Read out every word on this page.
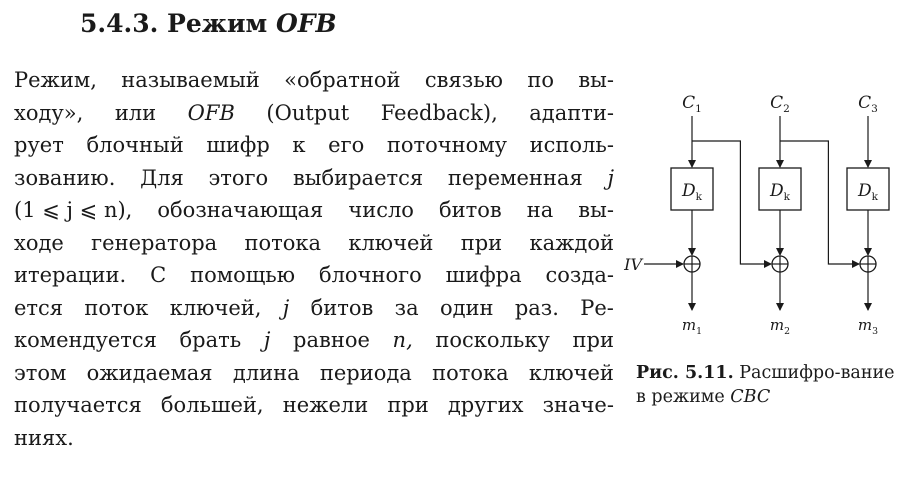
5.4.3. Режим OFB
Режим, называемый «обратной связью по вы-
ходу», или OFB (Output Feedback), адапти-
рует блочный шифр к его поточному исполь-
зованию. Для этого выбирается переменная j
(1 ⩽ j ⩽ n), обозначающая число битов на вы-
ходе генератора потока ключей при каждой
итерации. С помощью блочного шифра созда-
ется поток ключей, j битов за один раз. Ре-
комендуется брать j равное n, поскольку при
этом ожидаемая длина периода потока ключей
получается большей, нежели при других значе-
ниях.
$C_1$
$D_k$
$m_1$
$C_2$
$D_k$
$m_2$
$C_3$
$D_k$
$m_3$
IV
Рис. 5.11. Расшифро-вание в режиме CBC
